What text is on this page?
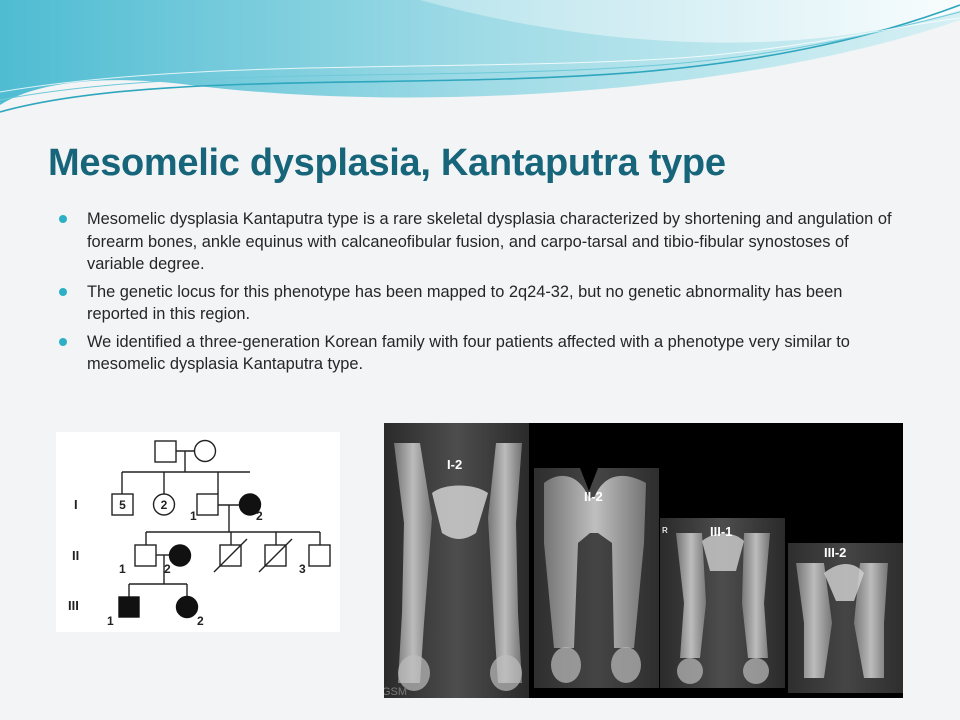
Mesomelic dysplasia, Kantaputra type
Mesomelic dysplasia Kantaputra type is a rare skeletal dysplasia characterized by shortening and angulation of forearm bones, ankle equinus with calcaneofibular fusion, and carpo-tarsal and tibio-fibular synostoses of variable degree.
The genetic locus for this phenotype has been mapped to 2q24-32, but no genetic abnormality has been reported in this region.
We identified a three-generation Korean family with four patients affected with a phenotype very similar to mesomelic dysplasia Kantaputra type.
5	2
1	2
1	2	3
1	2
I
II
III
I-2
II-2
III-1
III-2
R
GSM
